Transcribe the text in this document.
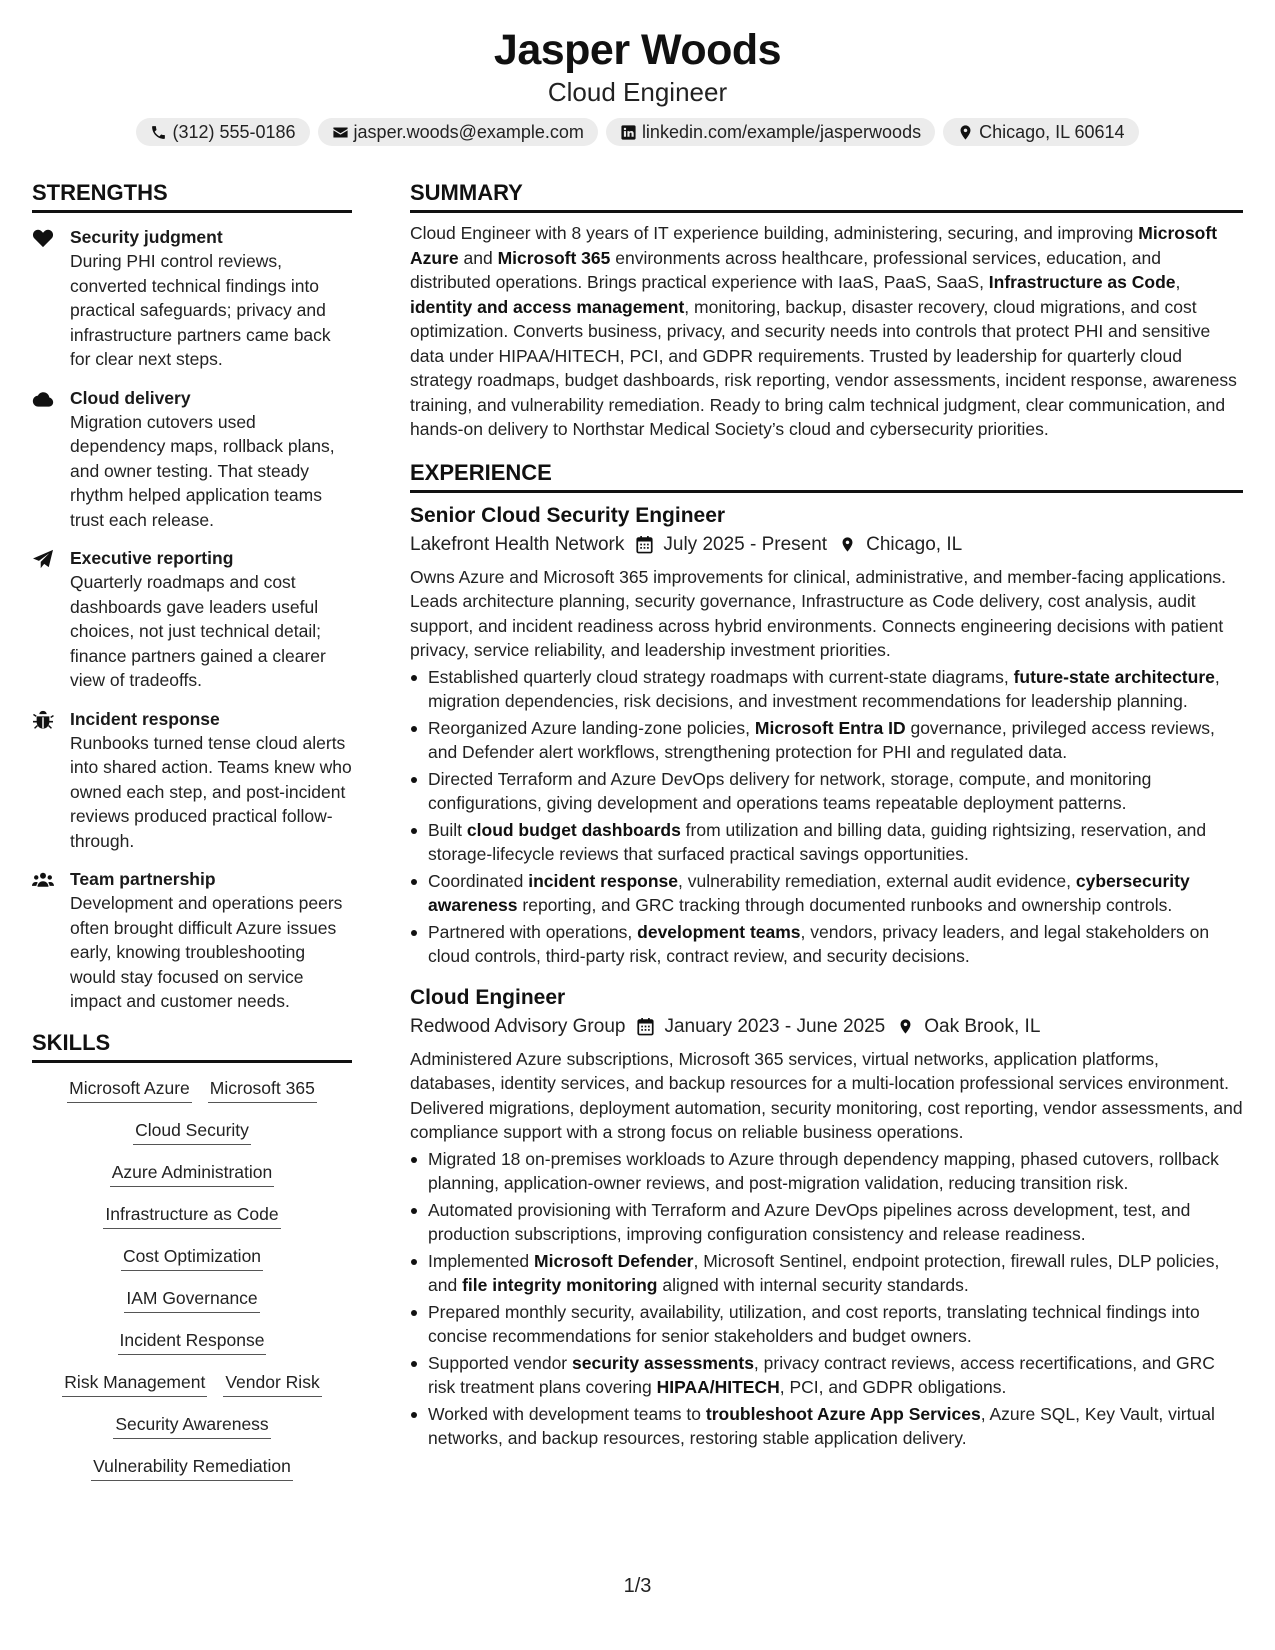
Jasper Woods
Cloud Engineer
(312) 555-0186	jasper.woods@example.com	linkedin.com/example/jasperwoods	Chicago, IL 60614
STRENGTHS
Security judgment
During PHI control reviews, converted technical findings into practical safeguards; privacy and infrastructure partners came back for clear next steps.
Cloud delivery
Migration cutovers used dependency maps, rollback plans, and owner testing. That steady rhythm helped application teams trust each release.
Executive reporting
Quarterly roadmaps and cost dashboards gave leaders useful choices, not just technical detail; finance partners gained a clearer view of tradeoffs.
Incident response
Runbooks turned tense cloud alerts into shared action. Teams knew who owned each step, and post-incident reviews produced practical follow-through.
Team partnership
Development and operations peers often brought difficult Azure issues early, knowing troubleshooting would stay focused on service impact and customer needs.
SKILLS
Microsoft Azure Microsoft 365
Cloud Security
Azure Administration
Infrastructure as Code
Cost Optimization
IAM Governance
Incident Response
Risk Management Vendor Risk
Security Awareness
Vulnerability Remediation
SUMMARY
Cloud Engineer with 8 years of IT experience building, administering, securing, and improving Microsoft Azure and Microsoft 365 environments across healthcare, professional services, education, and distributed operations. Brings practical experience with IaaS, PaaS, SaaS, Infrastructure as Code, identity and access management, monitoring, backup, disaster recovery, cloud migrations, and cost optimization. Converts business, privacy, and security needs into controls that protect PHI and sensitive data under HIPAA/HITECH, PCI, and GDPR requirements. Trusted by leadership for quarterly cloud strategy roadmaps, budget dashboards, risk reporting, vendor assessments, incident response, awareness training, and vulnerability remediation. Ready to bring calm technical judgment, clear communication, and hands-on delivery to Northstar Medical Society’s cloud and cybersecurity priorities.
EXPERIENCE
Senior Cloud Security Engineer
Lakefront Health Network July 2025 - Present Chicago, IL
Owns Azure and Microsoft 365 improvements for clinical, administrative, and member-facing applications. Leads architecture planning, security governance, Infrastructure as Code delivery, cost analysis, audit support, and incident readiness across hybrid environments. Connects engineering decisions with patient privacy, service reliability, and leadership investment priorities.
Established quarterly cloud strategy roadmaps with current-state diagrams, future-state architecture, migration dependencies, risk decisions, and investment recommendations for leadership planning.
Reorganized Azure landing-zone policies, Microsoft Entra ID governance, privileged access reviews, and Defender alert workflows, strengthening protection for PHI and regulated data.
Directed Terraform and Azure DevOps delivery for network, storage, compute, and monitoring configurations, giving development and operations teams repeatable deployment patterns.
Built cloud budget dashboards from utilization and billing data, guiding rightsizing, reservation, and storage-lifecycle reviews that surfaced practical savings opportunities.
Coordinated incident response, vulnerability remediation, external audit evidence, cybersecurity awareness reporting, and GRC tracking through documented runbooks and ownership controls.
Partnered with operations, development teams, vendors, privacy leaders, and legal stakeholders on cloud controls, third-party risk, contract review, and security decisions.
Cloud Engineer
Redwood Advisory Group January 2023 - June 2025 Oak Brook, IL
Administered Azure subscriptions, Microsoft 365 services, virtual networks, application platforms, databases, identity services, and backup resources for a multi-location professional services environment. Delivered migrations, deployment automation, security monitoring, cost reporting, vendor assessments, and compliance support with a strong focus on reliable business operations.
Migrated 18 on-premises workloads to Azure through dependency mapping, phased cutovers, rollback planning, application-owner reviews, and post-migration validation, reducing transition risk.
Automated provisioning with Terraform and Azure DevOps pipelines across development, test, and production subscriptions, improving configuration consistency and release readiness.
Implemented Microsoft Defender, Microsoft Sentinel, endpoint protection, firewall rules, DLP policies, and file integrity monitoring aligned with internal security standards.
Prepared monthly security, availability, utilization, and cost reports, translating technical findings into concise recommendations for senior stakeholders and budget owners.
Supported vendor security assessments, privacy contract reviews, access recertifications, and GRC risk treatment plans covering HIPAA/HITECH, PCI, and GDPR obligations.
Worked with development teams to troubleshoot Azure App Services, Azure SQL, Key Vault, virtual networks, and backup resources, restoring stable application delivery.
1/3
